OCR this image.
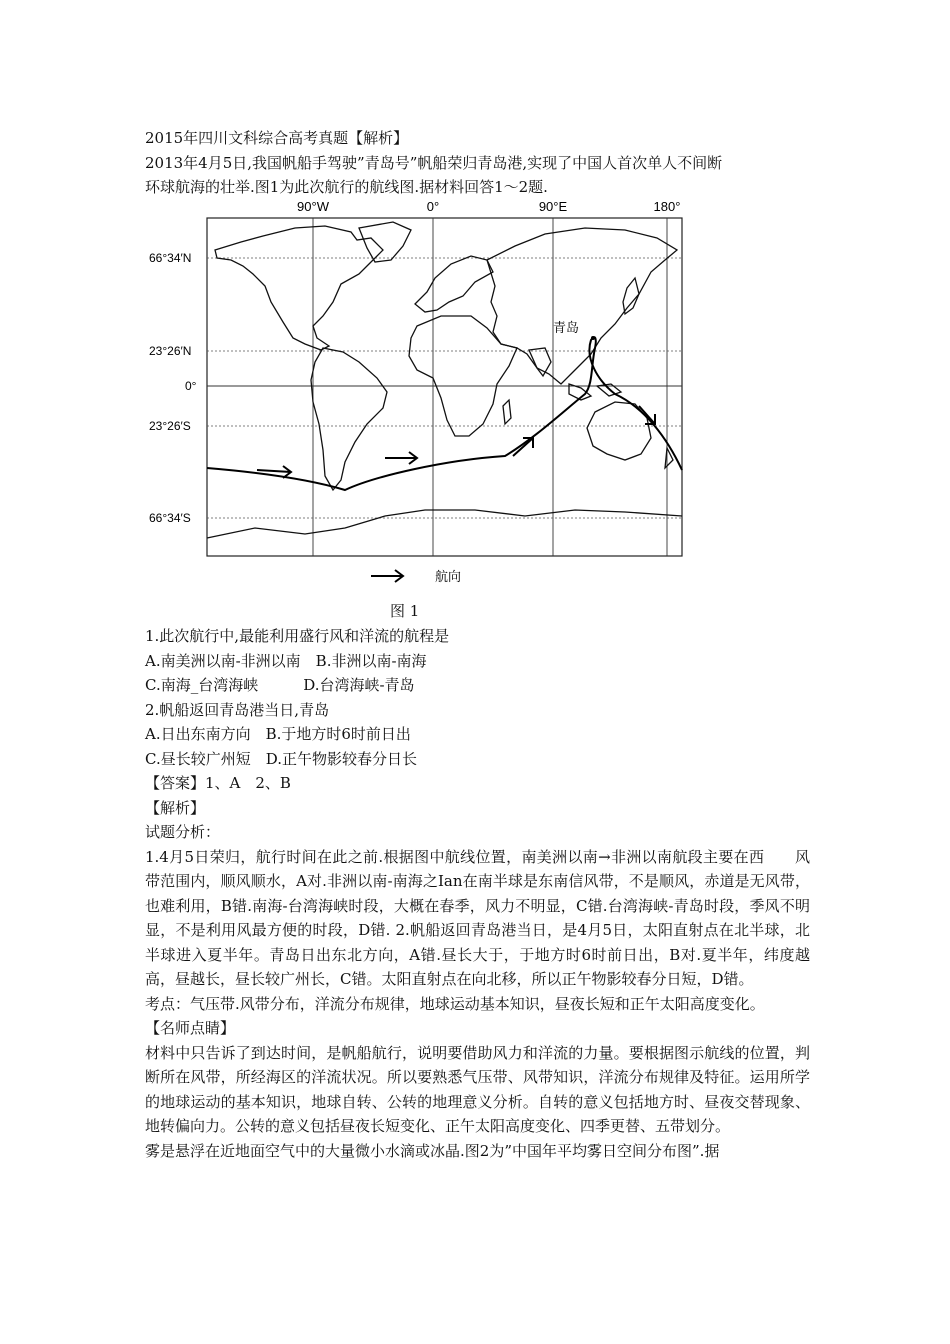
2015年四川文科综合高考真题【解析】
2013年4月5日,我国帆船手驾驶”青岛号”帆船荣归青岛港,实现了中国人首次单人不间断
环球航海的壮举.图1为此次航行的航线图.据材料回答1～2题.
90°W	0°	90°E	180°
66°34′N
23°26′N
0°
23°26′S
66°34′S
青岛
航向
图 1
1.此次航行中,最能利用盛行风和洋流的航程是
A.南美洲以南-非洲以南　B.非洲以南-南海
C.南海_台湾海峡　　　D.台湾海峡-青岛
2.帆船返回青岛港当日,青岛
A.日出东南方向　B.于地方时6时前日出
C.昼长较广州短　D.正午物影较春分日长
【答案】1、A　2、B
【解析】
试题分析：
1.4月5日荣归，航行时间在此之前.根据图中航线位置，南美洲以南→非洲以南航段主要在西　　风带范围内，顺风顺水，A对.非洲以南-南海之Ian在南半球是东南信风带，不是顺风，赤道是无风带，也难利用，B错.南海-台湾海峡时段，大概在春季，风力不明显，C错.台湾海峡-青岛时段，季风不明显，不是利用风最方便的时段，D错. 2.帆船返回青岛港当日，是4月5日，太阳直射点在北半球，北半球进入夏半年。青岛日出东北方向，A错.昼长大于，于地方时6时前日出，B对.夏半年，纬度越高，昼越长，昼长较广州长，C错。太阳直射点在向北移，所以正午物影较春分日短，D错。
考点：气压带.风带分布，洋流分布规律，地球运动基本知识，昼夜长短和正午太阳高度变化。
【名师点睛】
材料中只告诉了到达时间，是帆船航行，说明要借助风力和洋流的力量。要根据图示航线的位置，判断所在风带，所经海区的洋流状况。所以要熟悉气压带、风带知识，洋流分布规律及特征。运用所学的地球运动的基本知识，地球自转、公转的地理意义分析。自转的意义包括地方时、昼夜交替现象、地转偏向力。公转的意义包括昼夜长短变化、正午太阳高度变化、四季更替、五带划分。
雾是悬浮在近地面空气中的大量微小水滴或冰晶.图2为”中国年平均雾日空间分布图”.据
